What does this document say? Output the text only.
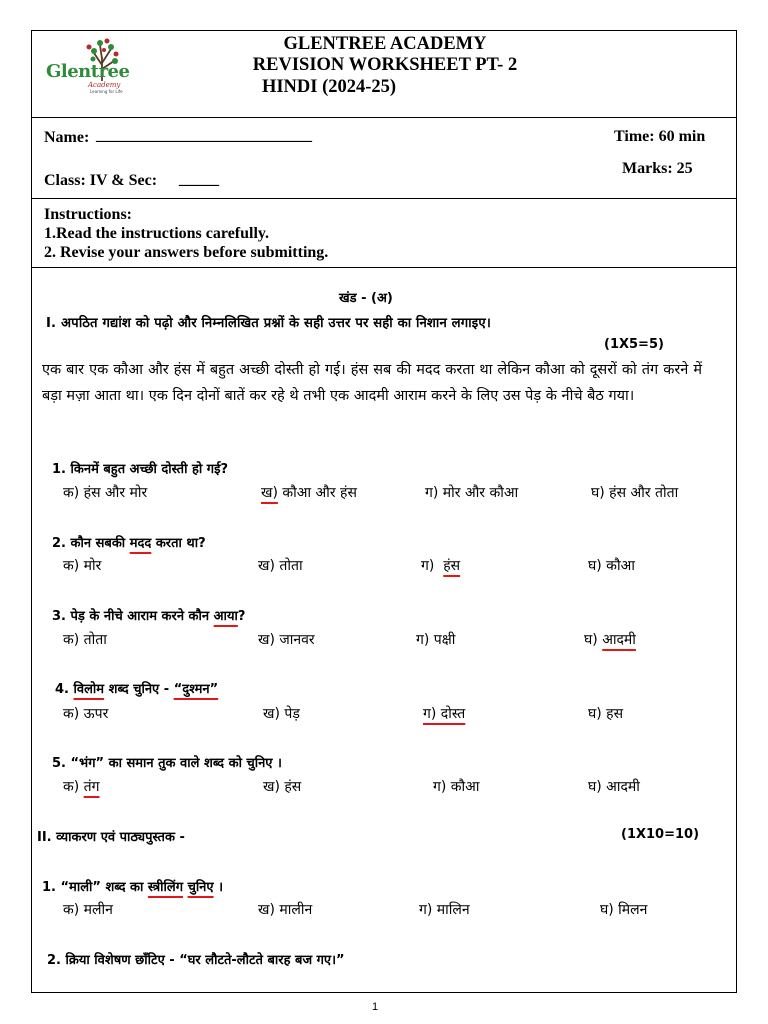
Glentree
Academy
Learning for Life
GLENTREE ACADEMY
REVISION WORKSHEET PT- 2
HINDI (2024-25)
Name: ___________________________	Time: 60 min
Marks: 25
Class: IV & Sec: _____
Instructions:
1.Read the instructions carefully.
2. Revise your answers before submitting.
खंड - (अ)
I. अपठित गद्यांश को पढ़ो और निम्नलिखित प्रश्नों के सही उत्तर पर सही का निशान लगाइए।
(1X5=5)
एक बार एक कौआ और हंस में बहुत अच्छी दोस्ती हो गई। हंस सब की मदद करता था लेकिन कौआ को दूसरों को तंग करने में बड़ा मज़ा आता था। एक दिन दोनों बातें कर रहे थे तभी एक आदमी आराम करने के लिए उस पेड़ के नीचे बैठ गया।
1. किनमें बहुत अच्छी दोस्ती हो गई?
क) हंस और मोर	ख) कौआ और हंस	ग) मोर और कौआ	घ) हंस और तोता
2. कौन सबकी मदद करता था?
क) मोर	ख) तोता	ग)  हंस	घ) कौआ
3. पेड़ के नीचे आराम करने कौन आया?
क) तोता	ख) जानवर	ग) पक्षी	घ) आदमी
4. विलोम शब्द चुनिए - “दुश्मन”
क) ऊपर	ख) पेड़	ग) दोस्त	घ) हस
5. “भंग” का समान तुक वाले शब्द को चुनिए ।
क) तंग	ख) हंस	ग) कौआ	घ) आदमी
II. व्याकरण एवं पाठ्यपुस्तक -	(1X10=10)
1. “माली” शब्द का स्त्रीलिंग चुनिए ।
क) मलीन	ख) मालीन	ग) मालिन	घ) मिलन
2. क्रिया विशेषण छाँटिए - “घर लौटते-लौटते बारह बज गए।”
1
